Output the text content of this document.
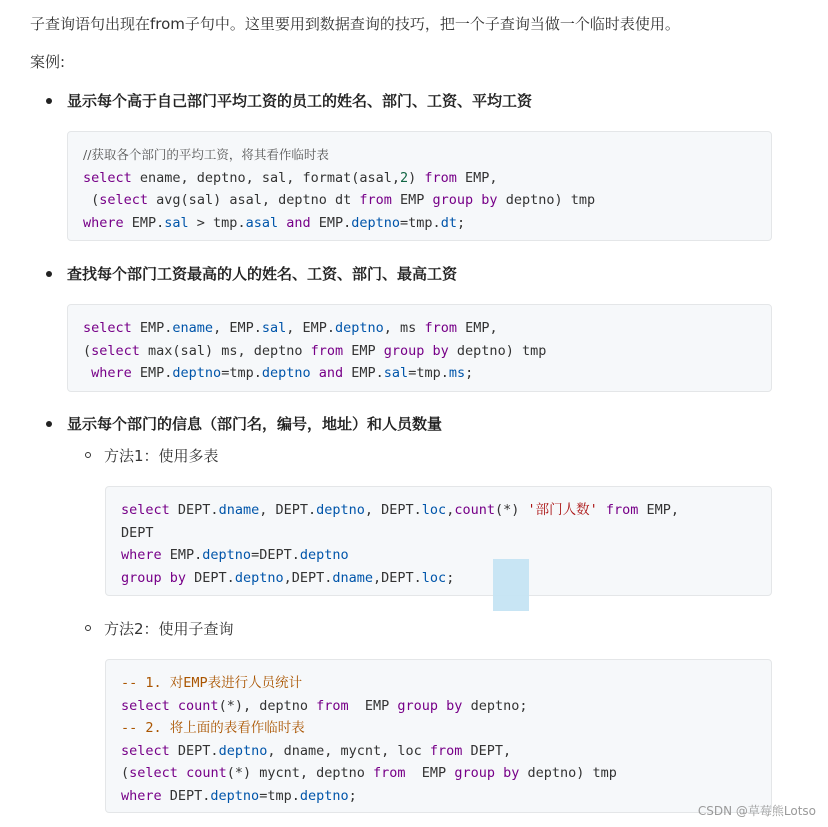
子查询语句出现在from子句中。这里要用到数据查询的技巧，把一个子查询当做一个临时表使用。
案例:
显示每个高于自己部门平均工资的员工的姓名、部门、工资、平均工资
//获取各个部门的平均工资，将其看作临时表
select ename, deptno, sal, format(asal,2) from EMP,
(select avg(sal) asal, deptno dt from EMP group by deptno) tmp
where EMP.sal > tmp.asal and EMP.deptno=tmp.dt;
查找每个部门工资最高的人的姓名、工资、部门、最高工资
select EMP.ename, EMP.sal, EMP.deptno, ms from EMP,
(select max(sal) ms, deptno from EMP group by deptno) tmp
where EMP.deptno=tmp.deptno and EMP.sal=tmp.ms;
显示每个部门的信息（部门名，编号，地址）和人员数量
方法1：使用多表
select DEPT.dname, DEPT.deptno, DEPT.loc,count(*) '部门人数' from EMP,
DEPT
where EMP.deptno=DEPT.deptno
group by DEPT.deptno,DEPT.dname,DEPT.loc;
方法2：使用子查询
-- 1. 对EMP表进行人员统计
select count(*), deptno from  EMP group by deptno;
-- 2. 将上面的表看作临时表
select DEPT.deptno, dname, mycnt, loc from DEPT,
(select count(*) mycnt, deptno from  EMP group by deptno) tmp
where DEPT.deptno=tmp.deptno;
CSDN @草莓熊Lotso
